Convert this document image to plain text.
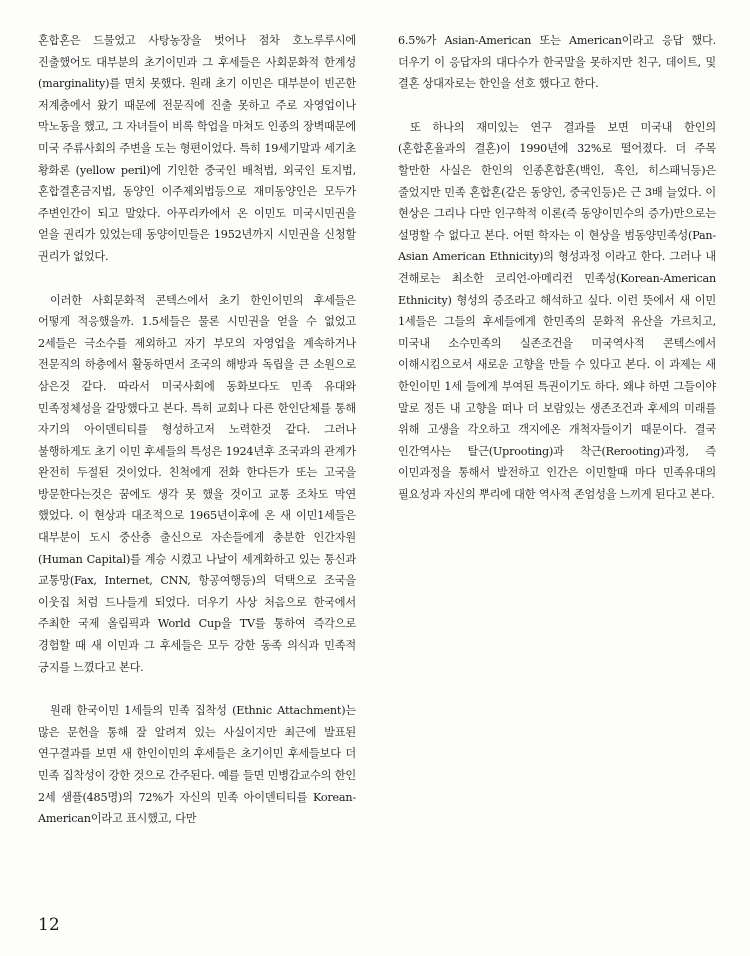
혼합혼은 드물었고 사탕농장을 벗어나 점차 호노루루시에 진출했어도 대부분의 초기이민과 그 후세들은 사회문화적 한계성(marginality)를 면치 못했다. 원래 초기 이민은 대부분이 빈곤한 저계층에서 왔기 때문에 전문직에 진출 못하고 주로 자영업이나 막노동을 했고, 그 자녀들이 비록 학업을 마쳐도 인종의 장벽때문에 미국 주류사회의 주변을 도는 형편이었다. 특히 19세기말과 세기초 황화론 (yellow peril)에 기인한 중국인 배척법, 외국인 토지법, 혼합결혼금지법, 동양인 이주제외법등으로 재미동양인은 모두가 주변인간이 되고 말았다. 아푸리카에서 온 이민도 미국시민권을 얻을 권리가 있었는데 동양이민들은 1952년까지 시민권을 신청할 권리가 없었다.

이러한 사회문화적 콘텍스에서 초기 한인이민의 후세들은 어떻게 적응했을까. 1.5세들은 물론 시민권을 얻을 수 없었고 2세들은 극소수를 제외하고 자기 부모의 자영업을 계속하거나 전문직의 하층에서 활동하면서 조국의 해방과 독립을 큰 소원으로 삼은것 같다. 따라서 미국사회에 동화보다도 민족 유대와 민족정체성을 갈망했다고 본다. 특히 교회나 다른 한인단체를 통해 자기의 아이덴티티를 형성하고저 노력한것 같다. 그러나 불행하게도 초기 이민 후세들의 특성은 1924년후 조국과의 관계가 완전히 두절된 것이었다. 친척에게 전화 한다든가 또는 고국을 방문한다는것은 꿈에도 생각 못 했을 것이고 교통 조차도 막연 했었다. 이 현상과 대조적으로 1965년이후에 온 새 이민1세들은 대부분이 도시 중산층 출신으로 자손들에게 충분한 인간자원(Human Capital)를 계승 시켰고 나날이 세계화하고 있는 통신과 교통망(Fax, Internet, CNN, 항공여행등)의 덕택으로 조국을 이웃집 처럼 드나들게 되었다. 더우기 사상 처음으로 한국에서 주최한 국제 올림픽과 World Cup을 TV를 통하여 즉각으로 경험할 때 새 이민과 그 후세들은 모두 강한 동족 의식과 민족적 긍지를 느꼈다고 본다.

원래 한국이민 1세들의 민족 집착성 (Ethnic Attachment)는 많은 문헌을 통해 잘 알려져 있는 사실이지만 최근에 발표된 연구결과를 보면 새 한인이민의 후세들은 초기이민 후세들보다 더 민족 집착성이 강한 것으로 간주된다. 예를 들면 민병갑교수의 한인 2세 샘플(485명)의 72%가 자신의 민족 아이덴티티를 Korean-American이라고 표시했고, 다만

6.5%가 Asian-American 또는 American이라고 응답 했다. 더우기 이 응답자의 대다수가 한국말을 못하지만 친구, 데이트, 및 결혼 상대자로는 한인을 선호 했다고 한다.

또 하나의 재미있는 연구 결과를 보면 미국내 한인의 (혼합혼율과의 결혼)이 1990년에 32%로 떨어졌다. 더 주목 할만한 사실은 한인의 인종혼합혼(백인, 흑인, 히스패닉등)은 줄었지만 민족 혼합혼(같은 동양인, 중국인등)은 근 3배 늘었다. 이 현상은 그리나 다만 인구학적 이론(즉 동양이민수의 증가)만으로는 설명할 수 없다고 본다. 어떤 학자는 이 현상을 범동양민족성(Pan-Asian American Ethnicity)의 형성과정 이라고 한다. 그러나 내 견해로는 최소한 코리언-아메리컨 민족성(Korean-American Ethnicity) 형성의 증조라고 해석하고 싶다. 이런 뜻에서 새 이민 1세들은 그들의 후세들에게 한민족의 문화적 유산을 가르치고, 미국내 소수민족의 실존조건을 미국역사적 콘텍스에서 이해시킴으로서 새로운 고향을 만들 수 있다고 본다. 이 과제는 새 한인이민 1세 들에게 부여된 특권이기도 하다. 왜냐 하면 그들이야 말로 정든 내 고향을 떠나 더 보람있는 생존조건과 후세의 미래를 위해 고생을 각오하고 객지에온 개척자들이기 때문이다. 결국 인간역사는 탈근(Uprooting)과 착근(Rerooting)과정, 즉 이민과정을 통해서 발전하고 인간은 이민할때 마다 민족유대의 필요성과 자신의 뿌리에 대한 역사적 존엄성을 느끼게 된다고 본다.

12
